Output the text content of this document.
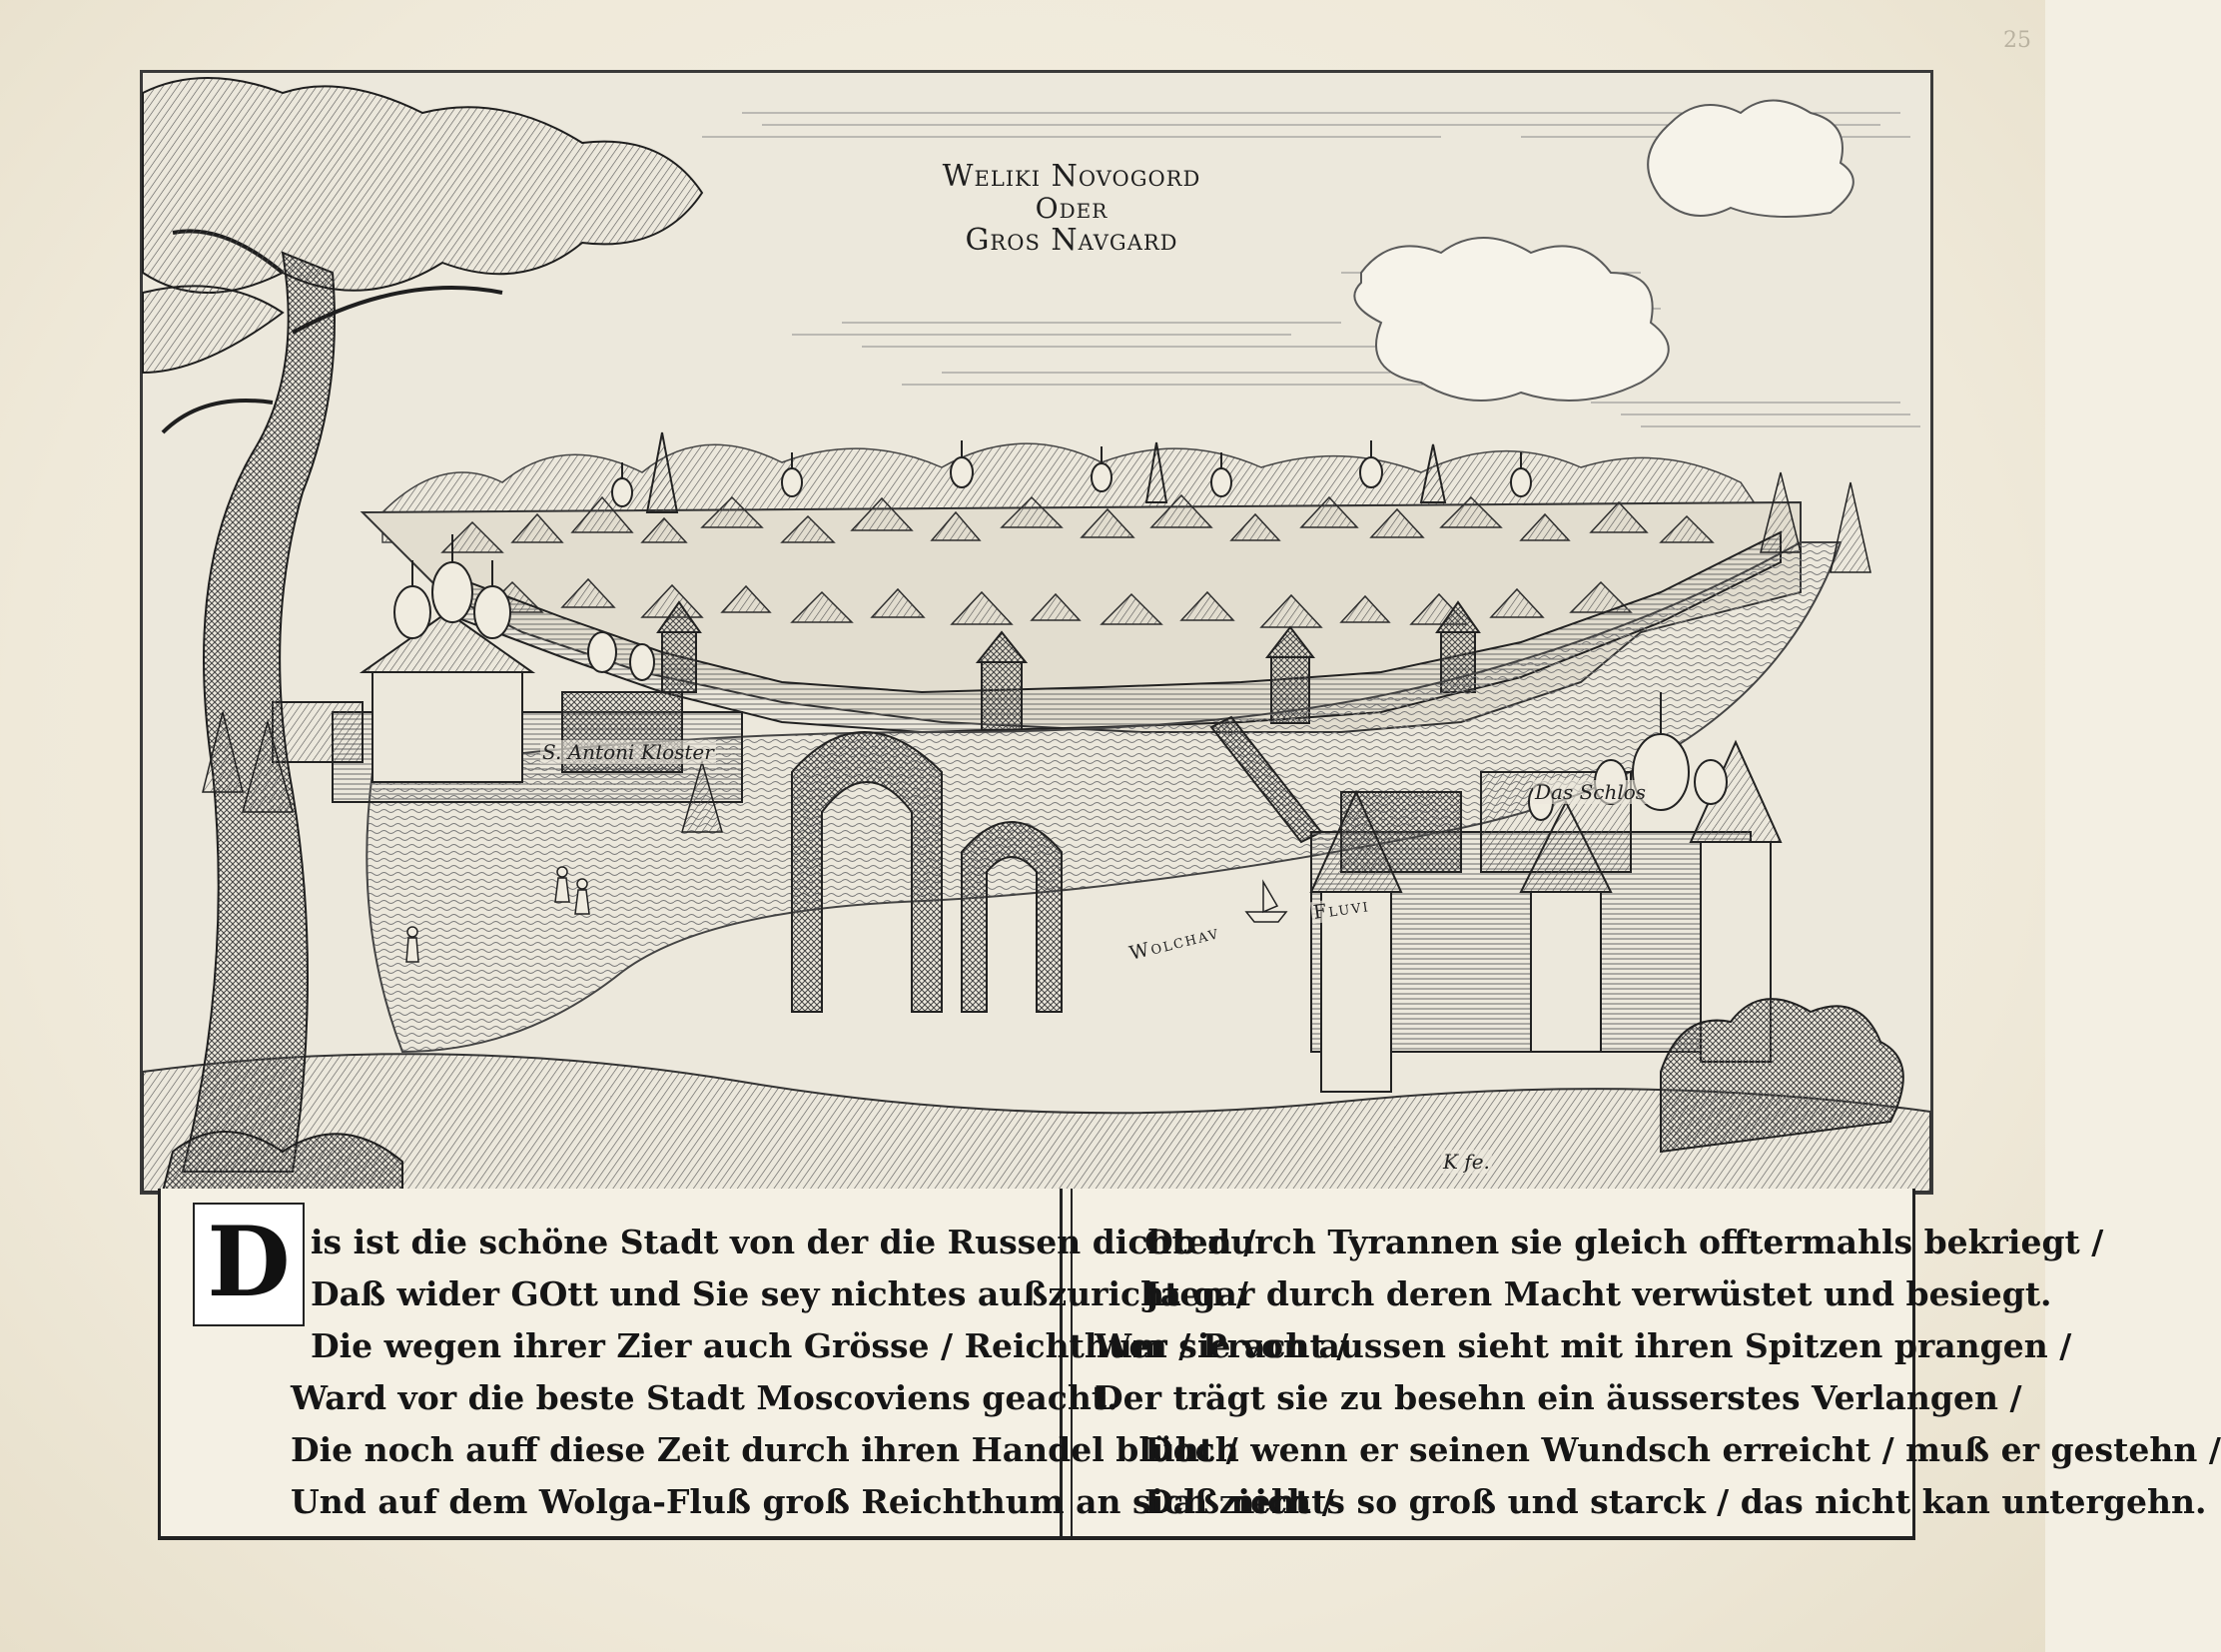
25
Weliki Novogord
Oder
Gros Navgard
S. Antoni Kloster
Das Schlos
Wolchav
Fluvi
K fe.
D is ist die schöne Stadt von der die Russen dichten /
Daß wider GOtt und Sie sey nichtes außzurichten /
Die wegen ihrer Zier auch Grösse / Reichthum / Pracht /
Ward vor die beste Stadt Moscoviens geacht.
Die noch auff diese Zeit durch ihren Handel blüht /
Und auf dem Wolga-Fluß groß Reichthum an sich zieht /
Ob durch Tyrannen sie gleich offtermahls bekriegt /
Ja gar durch deren Macht verwüstet und besiegt.
Wer sie von aussen sieht mit ihren Spitzen prangen /
Der trägt sie zu besehn ein äusserstes Verlangen /
Doch wenn er seinen Wundsch erreicht / muß er gestehn /
Daß nichts so groß und starck / das nicht kan untergehn.
